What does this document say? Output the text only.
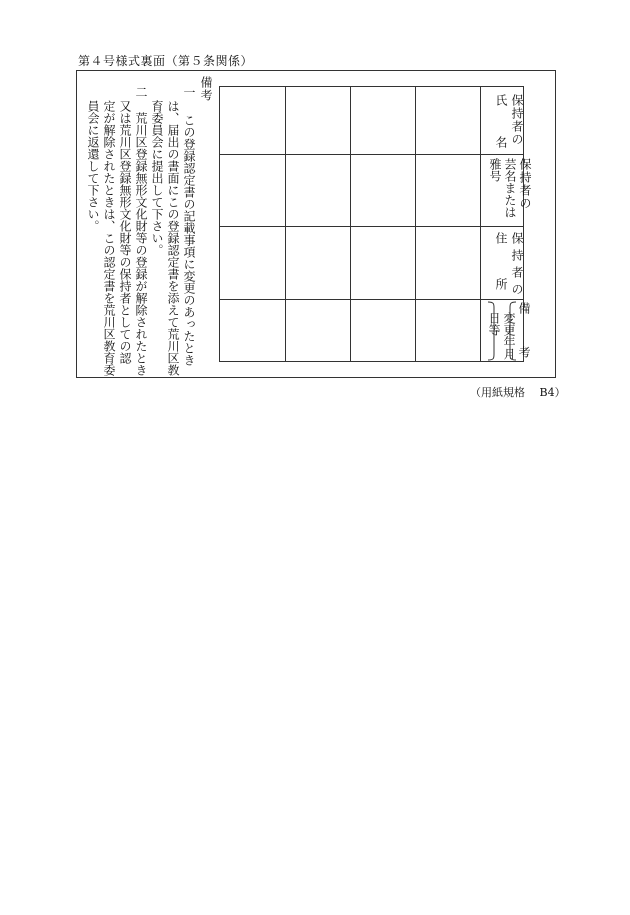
第４号様式裏面（第５条関係）
備考
一
この登録認定書の記載事項に変更のあったとき
は、届出の書面にこの登録認定書を添えて荒川区教
育委員会に提出して下さい。
二
荒川区登録無形文化財等の登録が解除されたとき
又は荒川区登録無形文化財等の保持者としての認
定が解除されたときは、この認定書を荒川区教育委
員会に返還して下さい。	保持者の
氏
名
保持者の
芸名または
雅号
保持者の
住
所
備
考
変更年月
日等
（用紙規格　 B4）
